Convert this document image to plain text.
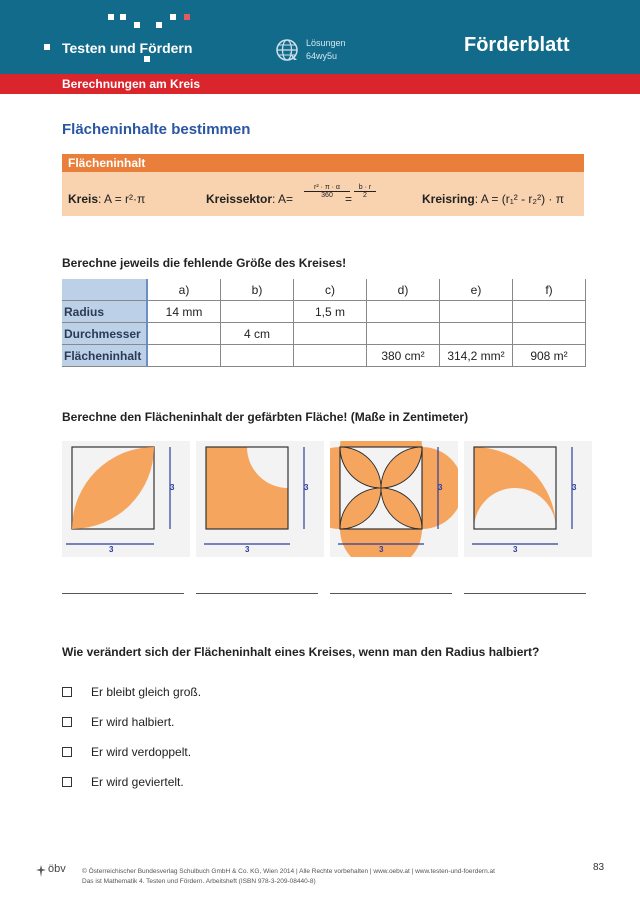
Testen und Fördern	Lösungen
64wy5u	Förderblatt
Berechnungen am Kreis
Flächeninhalte bestimmen
Flächeninhalt
Kreis: A = r²·π	Kreissektor: $A= \frac{\text{r² · π · α}}{360}$
= $\frac{b \cdot r}{2}$	Kreisring: A = (r₁² - r₂²) · π
Berechne jeweils die fehlende Größe des Kreises!
	a)	b)	c)	d)	e)	f)
Radius	14 mm		1,5 m			
Durchmesser		4 cm				
Flächeninhalt				380 cm²	314,2 mm²	908 m²
Berechne den Flächeninhalt der gefärbten Fläche! (Maße in Zentimeter)
3
3
3
3
3
3
3
3
Wie verändert sich der Flächeninhalt eines Kreises, wenn man den Radius halbiert?
Er bleibt gleich groß.
Er wird halbiert.
Er wird verdoppelt.
Er wird geviertelt.
öbv	© Österreichischer Bundesverlag Schulbuch GmbH & Co. KG, Wien 2014 | Alle Rechte vorbehalten | www.oebv.at | www.testen-und-foerdern.at
Das ist Mathematik 4. Testen und Fördern. Arbeitsheft (ISBN 978-3-209-08440-8)
83
